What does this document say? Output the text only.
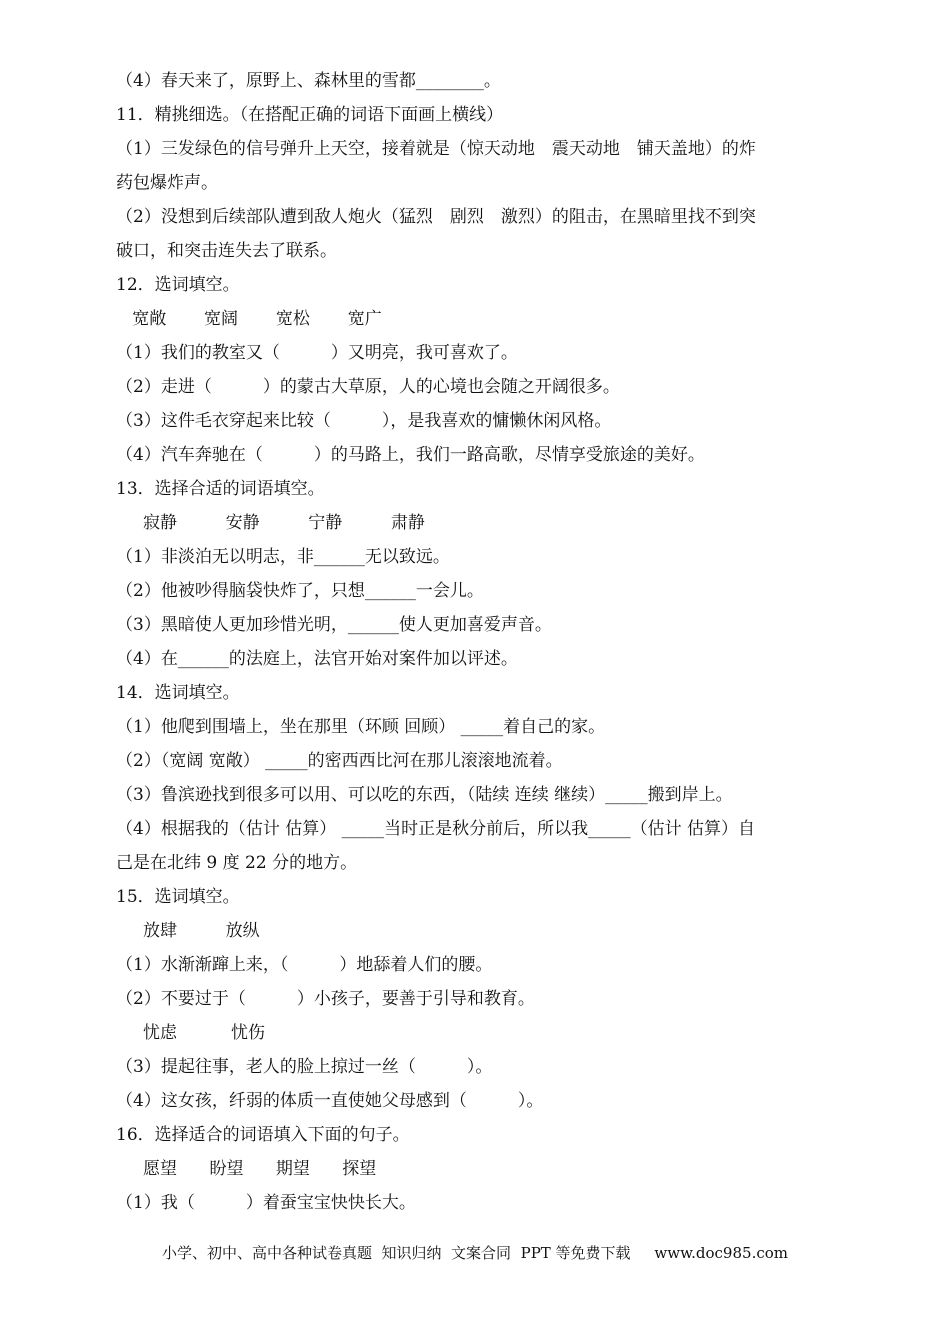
（4）春天来了，原野上、森林里的雪都________。
11．精挑细选。（在搭配正确的词语下面画上横线）
（1）三发绿色的信号弹升上天空，接着就是（惊天动地　震天动地　铺天盖地）的炸
药包爆炸声。
（2）没想到后续部队遭到敌人炮火（猛烈　剧烈　激烈）的阻击，在黑暗里找不到突
破口，和突击连失去了联系。
12．选词填空。
宽敞       宽阔       宽松       宽广
（1）我们的教室又（　　　）又明亮，我可喜欢了。
（2）走进（　　　）的蒙古大草原，人的心境也会随之开阔很多。
（3）这件毛衣穿起来比较（　　　），是我喜欢的慵懒休闲风格。
（4）汽车奔驰在（　　　）的马路上，我们一路高歌，尽情享受旅途的美好。
13．选择合适的词语填空。
寂静         安静         宁静         肃静
（1）非淡泊无以明志，非______无以致远。
（2）他被吵得脑袋快炸了，只想______一会儿。
（3）黑暗使人更加珍惜光明，______使人更加喜爱声音。
（4）在______的法庭上，法官开始对案件加以评述。
14．选词填空。
（1）他爬到围墙上，坐在那里（环顾 回顾） _____着自己的家。
（2）（宽阔 宽敞） _____的密西西比河在那儿滚滚地流着。
（3）鲁滨逊找到很多可以用、可以吃的东西，（陆续 连续 继续）_____搬到岸上。
（4）根据我的（估计 估算） _____当时正是秋分前后，所以我_____（估计 估算）自
己是在北纬 9 度 22 分的地方。
15．选词填空。
放肆         放纵
（1）水渐渐蹿上来，（　　　）地舔着人们的腰。
（2）不要过于（　　　）小孩子，要善于引导和教育。
忧虑          忧伤
（3）提起往事，老人的脸上掠过一丝（　　　）。
（4）这女孩，纤弱的体质一直使她父母感到（　　　）。
16．选择适合的词语填入下面的句子。
愿望      盼望      期望      探望
（1）我（　　　）着蚕宝宝快快长大。
小学、初中、高中各种试卷真题  知识归纳  文案合同  PPT 等免费下载     www.doc985.com
